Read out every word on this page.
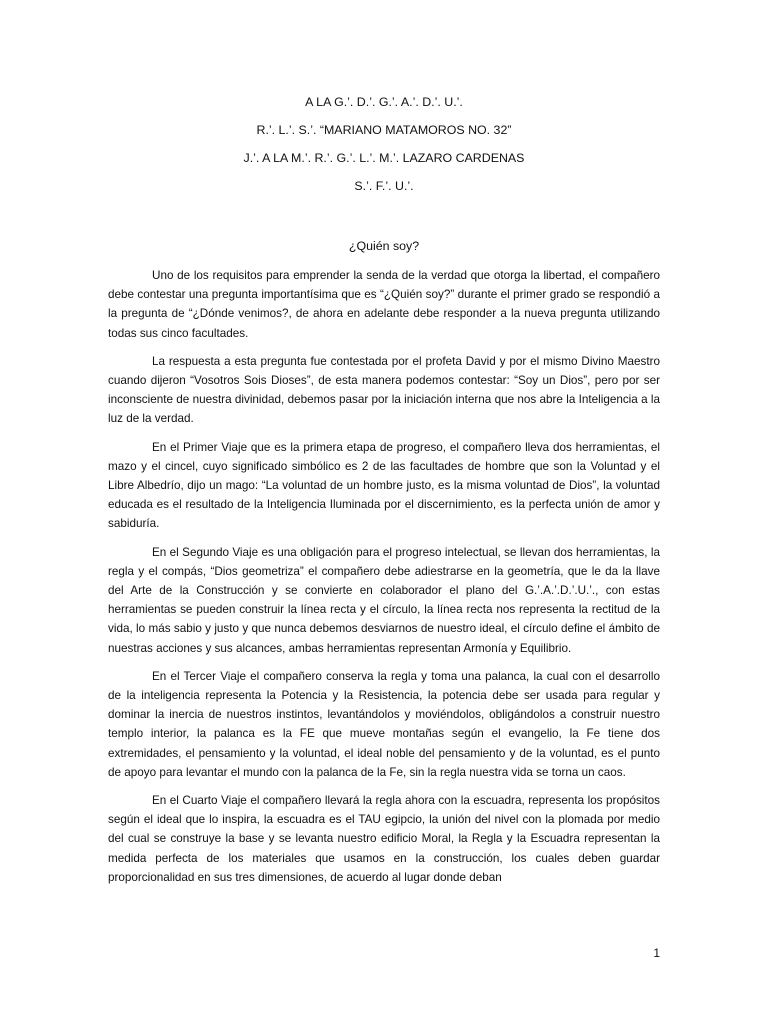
A LA G.’. D.’. G.’. A.’. D.’. U.’.
R.’. L.’. S.’. “MARIANO MATAMOROS NO. 32”
J.’. A LA M.’. R.’. G.’. L.’. M.’. LAZARO CARDENAS
S.’. F.’. U.’.
¿Quién soy?

Uno de los requisitos para emprender la senda de la verdad que otorga la libertad, el compañero debe contestar una pregunta importantísima que es “¿Quién soy?” durante el primer grado se respondió a la pregunta de “¿Dónde venimos?, de ahora en adelante debe responder a la nueva pregunta utilizando todas sus cinco facultades.

La respuesta a esta pregunta fue contestada por el profeta David y por el mismo Divino Maestro cuando dijeron “Vosotros Sois Dioses”, de esta manera podemos contestar: “Soy un Dios”, pero por ser inconsciente de nuestra divinidad, debemos pasar por la iniciación interna que nos abre la Inteligencia a la luz de la verdad.

En el Primer Viaje que es la primera etapa de progreso, el compañero lleva dos herramientas, el mazo y el cincel, cuyo significado simbólico es 2 de las facultades de hombre que son la Voluntad y el Libre Albedrío, dijo un mago: “La voluntad de un hombre justo, es la misma voluntad de Dios”, la voluntad educada es el resultado de la Inteligencia Iluminada por el discernimiento, es la perfecta unión de amor y sabiduría.

En el Segundo Viaje es una obligación para el progreso intelectual, se llevan dos herramientas, la regla y el compás, “Dios geometriza” el compañero debe adiestrarse en la geometría, que le da la llave del Arte de la Construcción y se convierte en colaborador el plano del G.’.A.’.D.’.U.’., con estas herramientas se pueden construir la línea recta y el círculo, la línea recta nos representa la rectitud de la vida, lo más sabio y justo y que nunca debemos desviarnos de nuestro ideal, el círculo define el ámbito de nuestras acciones y sus alcances, ambas herramientas representan Armonía y Equilibrio.

En el Tercer Viaje el compañero conserva la regla y toma una palanca, la cual con el desarrollo de la inteligencia representa la Potencia y la Resistencia, la potencia debe ser usada para regular y dominar la inercia de nuestros instintos, levantándolos y moviéndolos, obligándolos a construir nuestro templo interior, la palanca es la FE que mueve montañas según el evangelio, la Fe tiene dos extremidades, el pensamiento y la voluntad, el ideal noble del pensamiento y de la voluntad, es el punto de apoyo para levantar el mundo con la palanca de la Fe, sin la regla nuestra vida se torna un caos.

En el Cuarto Viaje el compañero llevará la regla ahora con la escuadra, representa los propósitos según el ideal que lo inspira, la escuadra es el TAU egipcio, la unión del nivel con la plomada por medio del cual se construye la base y se levanta nuestro edificio Moral, la Regla y la Escuadra representan la medida perfecta de los materiales que usamos en la construcción, los cuales deben guardar proporcionalidad en sus tres dimensiones, de acuerdo al lugar donde deban

1
